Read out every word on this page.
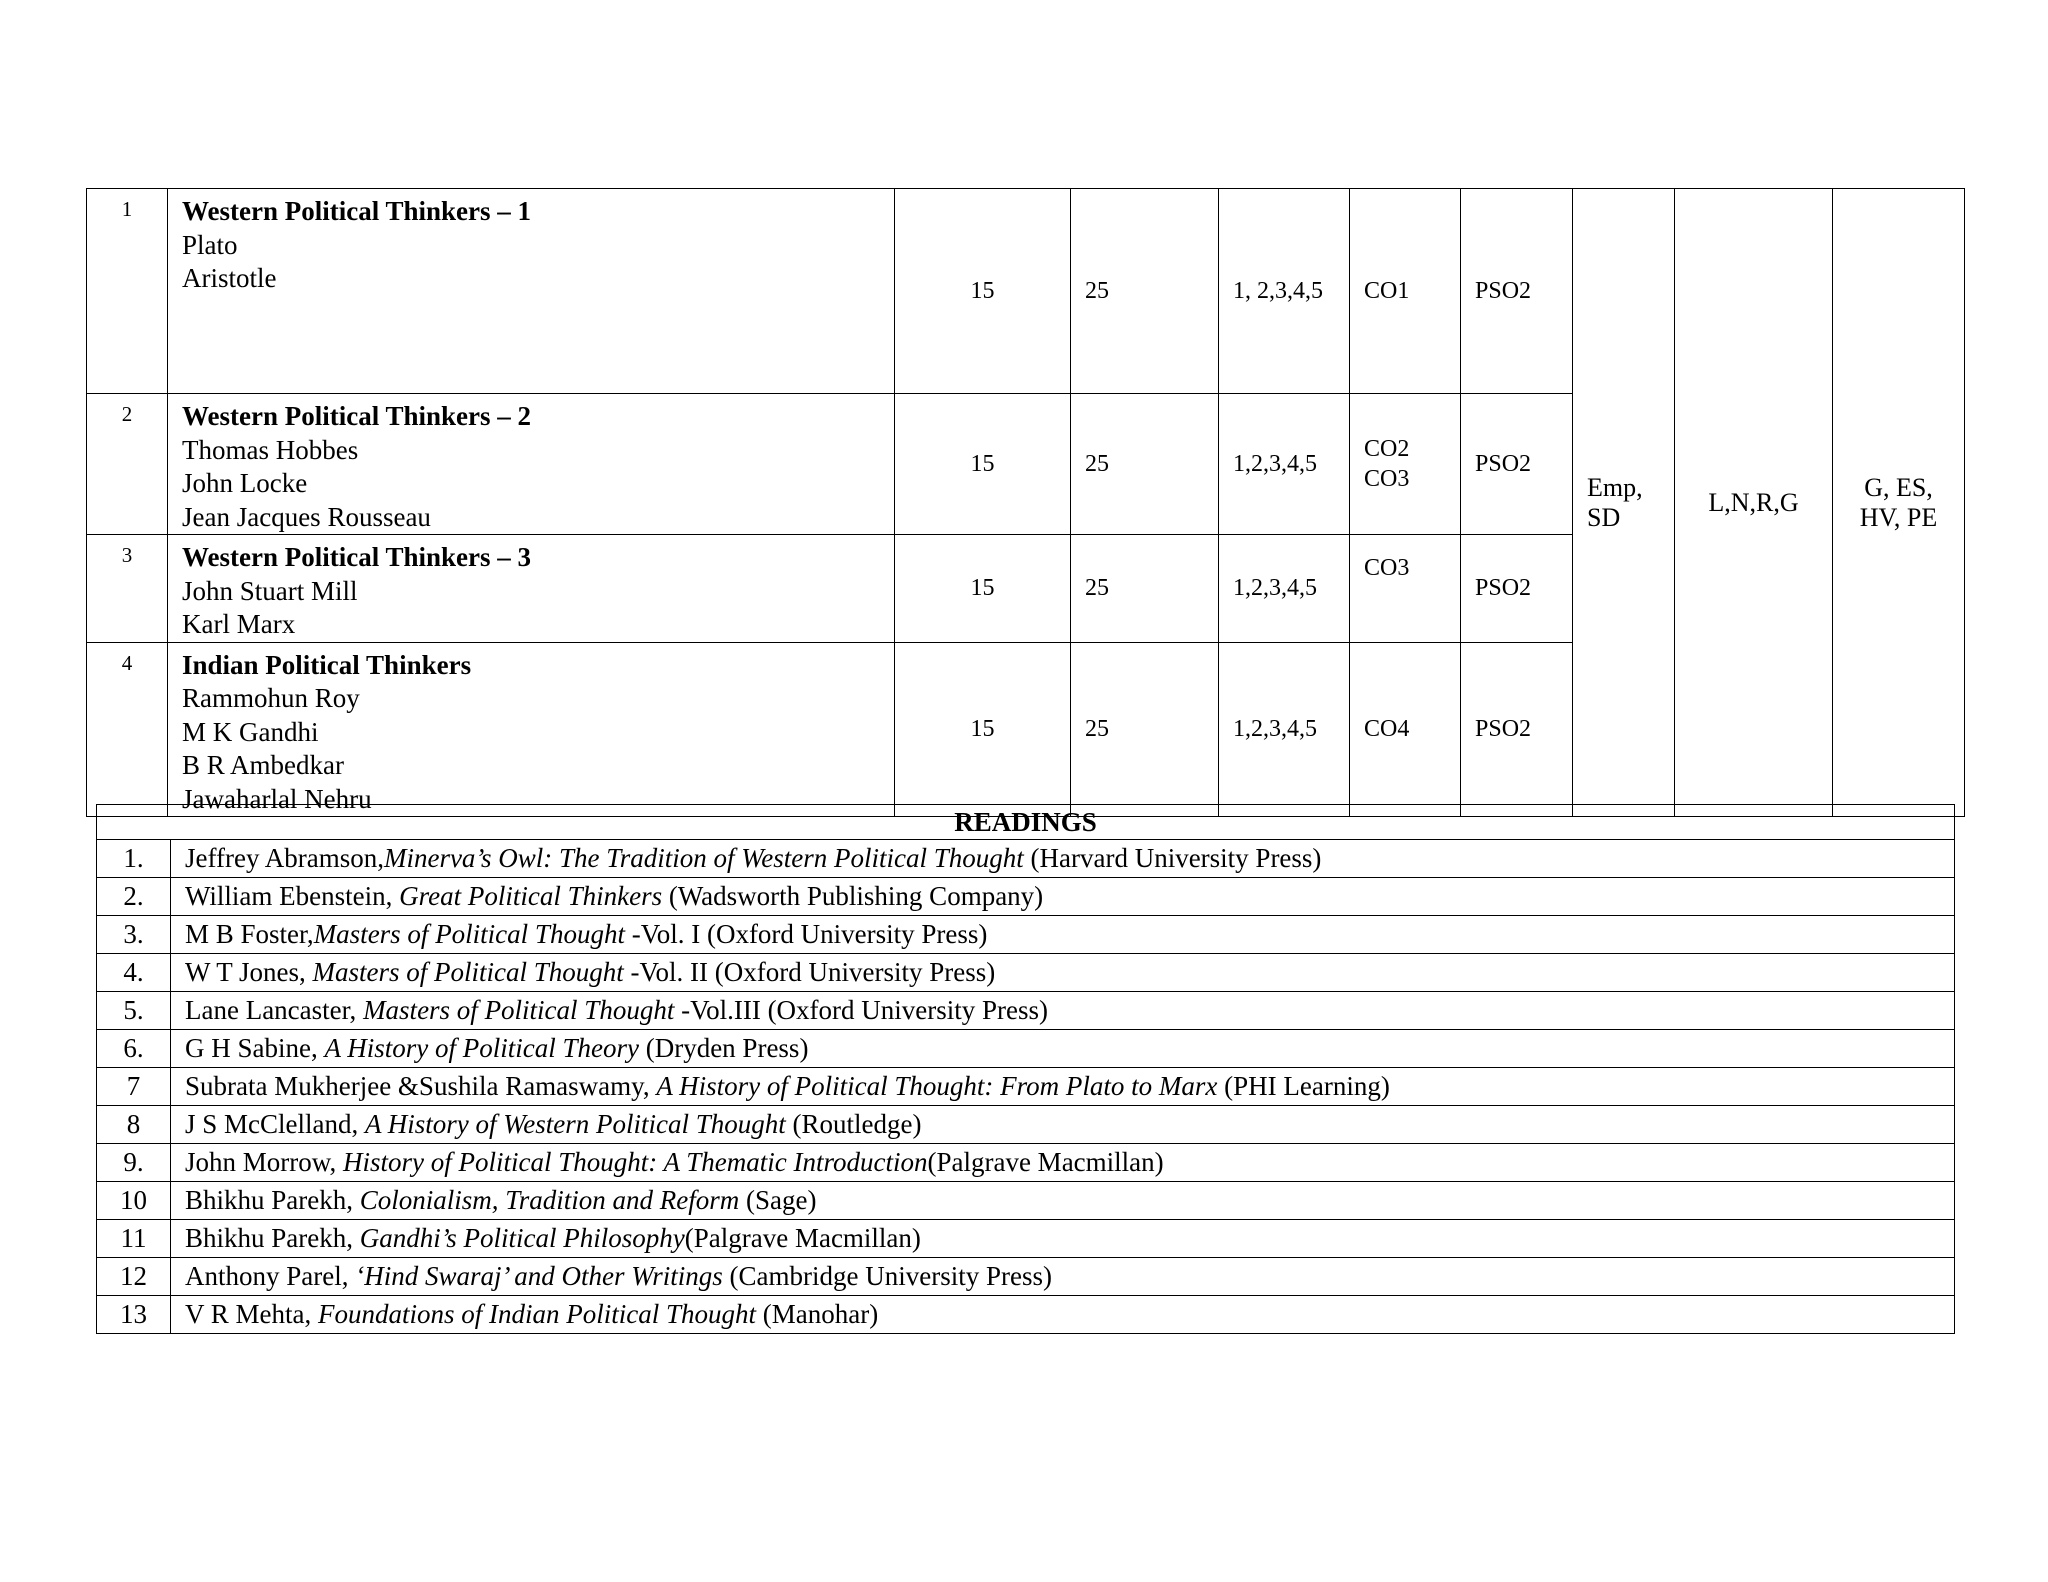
1	Western Political Thinkers – 1
Plato
Aristotle	15	25	1, 2,3,4,5	CO1	PSO2	Emp,
SD	L,N,R,G	G, ES,
HV, PE

2	Western Political Thinkers – 2
Thomas Hobbes
John Locke
Jean Jacques Rousseau	15	25	1,2,3,4,5	CO2
CO3	PSO2			
3	Western Political Thinkers – 3
John Stuart Mill
Karl Marx	15	25	1,2,3,4,5	CO3	PSO2			
4	Indian Political Thinkers
Rammohun Roy
M K Gandhi
B R Ambedkar
Jawaharlal Nehru	15	25	1,2,3,4,5	CO4	PSO2			
READINGS	
1.	Jeffrey Abramson,Minerva’s Owl: The Tradition of Western Political Thought (Harvard University Press)
2.	William Ebenstein, Great Political Thinkers (Wadsworth Publishing Company)
3.	M B Foster,Masters of Political Thought -Vol. I (Oxford University Press)
4.	W T Jones, Masters of Political Thought -Vol. II (Oxford University Press)
5.	Lane Lancaster, Masters of Political Thought -Vol.III (Oxford University Press)
6.	G H Sabine, A History of Political Theory (Dryden Press)
7	Subrata Mukherjee &Sushila Ramaswamy, A History of Political Thought: From Plato to Marx (PHI Learning)
8	J S McClelland, A History of Western Political Thought (Routledge)
9.	John Morrow, History of Political Thought: A Thematic Introduction(Palgrave Macmillan)
10	Bhikhu Parekh, Colonialism, Tradition and Reform (Sage)
11	Bhikhu Parekh, Gandhi’s Political Philosophy(Palgrave Macmillan)
12	Anthony Parel, ‘Hind Swaraj’ and Other Writings (Cambridge University Press)
13	V R Mehta, Foundations of Indian Political Thought (Manohar)
